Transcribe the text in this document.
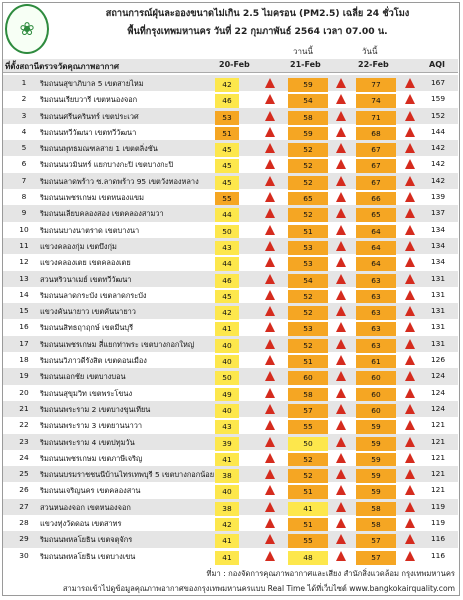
❀
สถานการณ์ฝุ่นละอองขนาดไม่เกิน 2.5 ไมครอน (PM2.5) เฉลี่ย 24 ชั่วโมง
พื้นที่กรุงเทพมหานคร วันที่ 22 กุมภาพันธ์ 2564 เวลา 07.00 น.
วานนี้	วันนี้
ที่ตั้งสถานีตรวจวัดคุณภาพอากาศ	20-Feb	21-Feb	22-Feb	AQI
1	ริมถนนสุขาภิบาล 5 เขตสายไหม	42	59	77	167
2	ริมถนนเรียบวารี เขตหนองจอก	46	54	74	159
3	ริมถนนศรีนครินทร์ เขตประเวศ	53	58	71	152
4	ริมถนนทวีวัฒนา เขตทวีวัฒนา	51	59	68	144
5	ริมถนนพุทธมณฑลสาย 1 เขตตลิ่งชัน	45	52	67	142
6	ริมถนนนวมินทร์ แยกบางกะปิ เขตบางกะปิ	45	52	67	142
7	ริมถนนลาดพร้าว ซ.ลาดพร้าว 95 เขตวังทองหลาง	45	52	67	142
8	ริมถนนเพชรเกษม เขตหนองแขม	55	65	66	139
9	ริมถนนเลียบคลองสอง เขตคลองสามวา	44	52	65	137
10	ริมถนนบางนาตราด เขตบางนา	50	51	64	134
11	แขวงคลองกุ่ม เขตบึงกุ่ม	43	53	64	134
12	แขวงคลองเตย เขตคลองเตย	44	53	64	134
13	สวนหริวนาเมย์ เขตทวีวัฒนา	46	54	63	131
14	ริมถนนลาดกระบัง เขตลาดกระบัง	45	52	63	131
15	แขวงคันนายาว เขตคันนายาว	42	52	63	131
16	ริมถนนสิทธฤาฤกษ์ เขตมีนบุรี	41	53	63	131
17	ริมถนนเพชรเกษม สี่แยกท่าพระ เขตบางกอกใหญ่	40	52	63	131
18	ริมถนนวิภาวดีรังสิต เขตดอนเมือง	40	51	61	126
19	ริมถนนเอกชัย เขตบางบอน	50	60	60	124
20	ริมถนนสุขุมวิท เขตพระโขนง	49	58	60	124
21	ริมถนนพระราม 2 เขตบางขุนเทียน	40	57	60	124
22	ริมถนนพระราม 3 เขตยานนาวา	43	55	59	121
23	ริมถนนพระราม 4 เขตปทุมวัน	39	50	59	121
24	ริมถนนเพชรเกษม เขตภาษีเจริญ	41	52	59	121
25	ริมถนนบรมราชชนนีบ้านไทรเทพบุรี 5 เขตบางกอกน้อย	38	52	59	121
26	ริมถนนเจริญนคร เขตคลองสาน	40	51	59	121
27	สวนหนองจอก เขตหนองจอก	38	41	58	119
28	แขวงทุ่งวัดดอน เขตสาทร	42	51	58	119
29	ริมถนนพหลโยธิน เขตจตุจักร	41	55	57	116
30	ริมถนนพหลโยธิน เขตบางเขน	41	48	57	116
ที่มา : กองจัดการคุณภาพอากาศและเสียง สำนักสิ่งแวดล้อม กรุงเทพมหานคร
สามารถเข้าไปดูข้อมูลคุณภาพอากาศของกรุงเทพมหานครแบบ Real Time ได้ที่เว็บไซต์ www.bangkokairquality.com
